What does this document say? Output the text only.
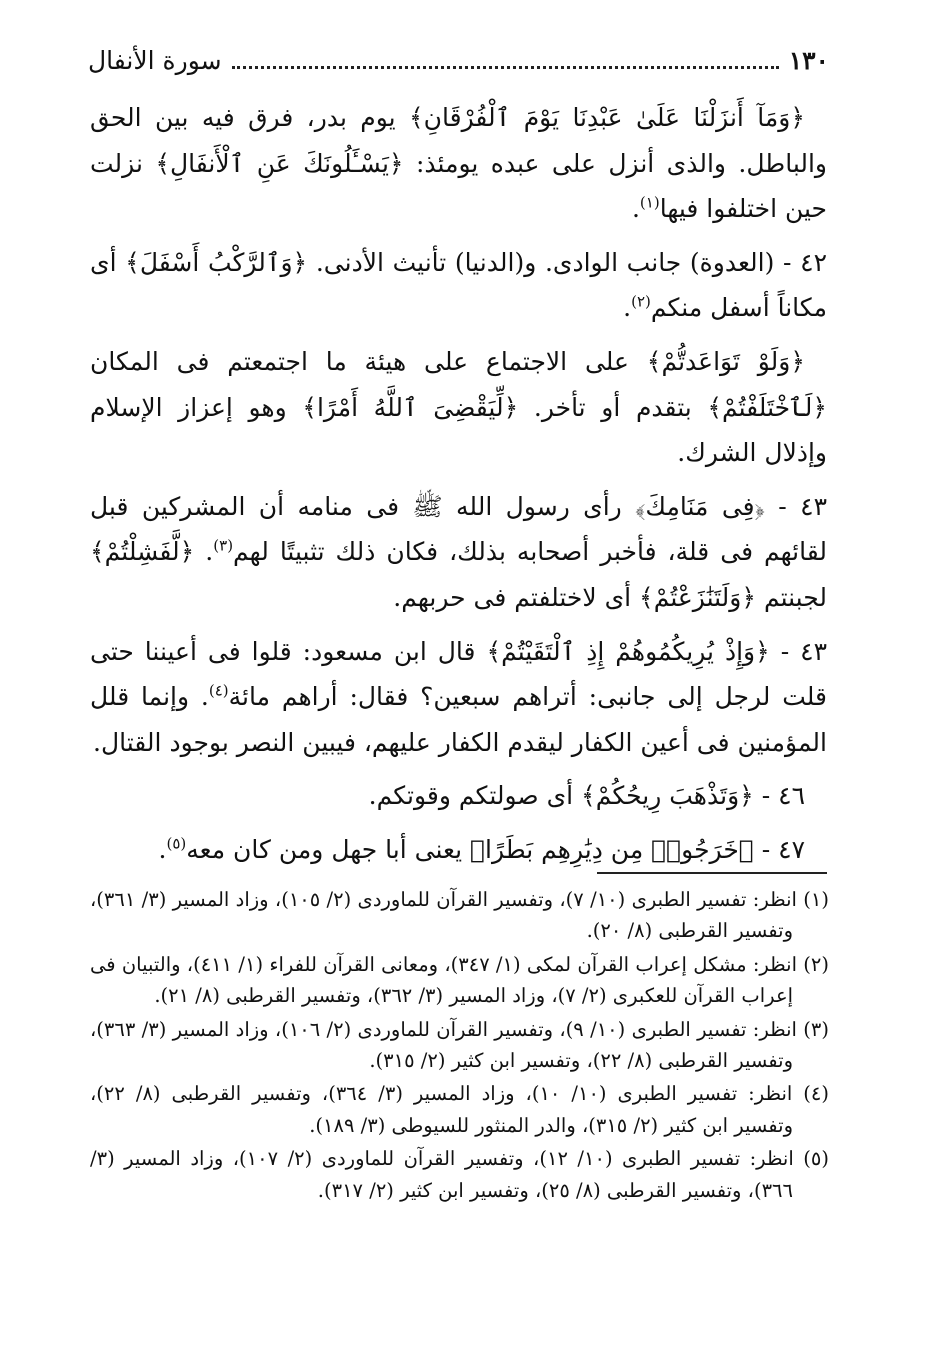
١٣٠
سورة الأنفال

﴿وَمَآ أَنزَلْنَا عَلَىٰ عَبْدِنَا يَوْمَ ٱلْفُرْقَانِ﴾ يوم بدر، فرق فيه بين الحق والباطل. والذى أنزل على عبده يومئذ: ﴿يَسْـَٔلُونَكَ عَنِ ٱلْأَنفَالِ﴾ نزلت حين اختلفوا فيها$^{(١)}$.

٤٢ - (العدوة) جانب الوادى. و(الدنيا) تأنيث الأدنى. ﴿وَٱلرَّكْبُ أَسْفَلَ﴾ أى مكاناً أسفل منكم$^{(٢)}$.

﴿وَلَوْ تَوَاعَدتُّمْ﴾ على الاجتماع على هيئة ما اجتمعتم فى المكان ﴿لَٱخْتَلَفْتُمْ﴾ بتقدم أو تأخر. ﴿لِّيَقْضِىَ ٱللَّهُ أَمْرًا﴾ وهو إعزاز الإسلام وإذلال الشرك.

٤٣ - ﴿فِى مَنَامِكَ﴾ رأى رسول الله ﷺ فى منامه أن المشركين قبل لقائهم فى قلة، فأخبر أصحابه بذلك، فكان ذلك تثبيتًا لهم$^{(٣)}$. ﴿لَّفَشِلْتُمْ﴾ لجبنتم ﴿وَلَتَنَٰزَعْتُمْ﴾ أى لاختلفتم فى حربهم.

٤٣ - ﴿وَإِذْ يُرِيكُمُوهُمْ إِذِ ٱلْتَقَيْتُمْ﴾ قال ابن مسعود: قلوا فى أعيننا حتى قلت لرجل إلى جانبى: أتراهم سبعين؟ فقال: أراهم مائة$^{(٤)}$. وإنما قلل المؤمنين فى أعين الكفار ليقدم الكفار عليهم، فيبين النصر بوجود القتال.

٤٦ - ﴿وَتَذْهَبَ رِيحُكُمْ﴾ أى صولتكم وقوتكم.

٤٧ - ﴿خَرَجُوا۟ مِن دِيَٰرِهِم بَطَرًا﴾ يعنى أبا جهل ومن كان معه$^{(٥)}$.

(١) انظر: تفسير الطبرى (١٠/ ٧)، وتفسير القرآن للماوردى (٢/ ١٠٥)، وزاد المسير (٣/ ٣٦١)، وتفسير القرطبى (٨/ ٢٠).

(٢) انظر: مشكل إعراب القرآن لمكى (١/ ٣٤٧)، ومعانى القرآن للفراء (١/ ٤١١)، والتبيان فى إعراب القرآن للعكبرى (٢/ ٧)، وزاد المسير (٣/ ٣٦٢)، وتفسير القرطبى (٨/ ٢١).

(٣) انظر: تفسير الطبرى (١٠/ ٩)، وتفسير القرآن للماوردى (٢/ ١٠٦)، وزاد المسير (٣/ ٣٦٣)، وتفسير القرطبى (٨/ ٢٢)، وتفسير ابن كثير (٢/ ٣١٥).

(٤) انظر: تفسير الطبرى (١٠/ ١٠)، وزاد المسير (٣/ ٣٦٤)، وتفسير القرطبى (٨/ ٢٢)، وتفسير ابن كثير (٢/ ٣١٥)، والدر المنثور للسيوطى (٣/ ١٨٩).

(٥) انظر: تفسير الطبرى (١٠/ ١٢)، وتفسير القرآن للماوردى (٢/ ١٠٧)، وزاد المسير (٣/ ٣٦٦)، وتفسير القرطبى (٨/ ٢٥)، وتفسير ابن كثير (٢/ ٣١٧).
